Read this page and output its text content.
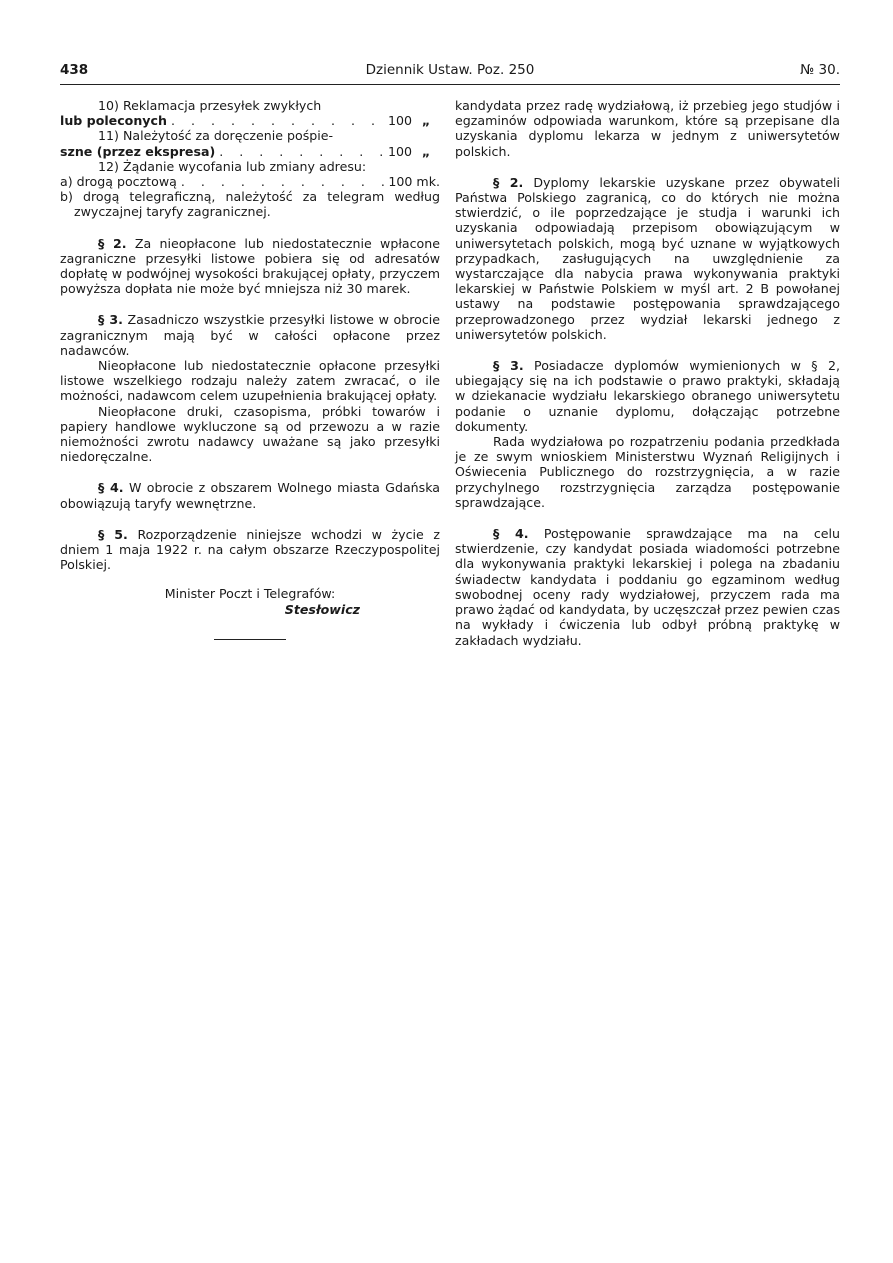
438	Dziennik Ustaw. Poz. 250	№ 30.

10) Reklamacja przesyłek zwykłych

lub poleconych . . .	100 „

11) Należytość za doręczenie pośpie-

szne (przez ekspresa) . . .	100 „

12) Żądanie wycofania lub zmiany adresu:

a) drogą pocztową . . .	100 mk.

b) drogą telegraficzną, należytość za telegram według zwyczajnej taryfy zagranicznej.

§ 2. Za nieopłacone lub niedostatecznie wpłacone zagraniczne przesyłki listowe pobiera się od adresatów dopłatę w podwójnej wysokości brakującej opłaty, przyczem powyższa dopłata nie może być mniejsza niż 30 marek.

§ 3. Zasadniczo wszystkie przesyłki listowe w obrocie zagranicznym mają być w całości opłacone przez nadawców.

Nieopłacone lub niedostatecznie opłacone przesyłki listowe wszelkiego rodzaju należy zatem zwracać, o ile możności, nadawcom celem uzupełnienia brakującej opłaty.

Nieopłacone druki, czasopisma, próbki towarów i papiery handlowe wykluczone są od przewozu a w razie niemożności zwrotu nadawcy uważane są jako przesyłki niedoręczalne.

§ 4. W obrocie z obszarem Wolnego miasta Gdańska obowiązują taryfy wewnętrzne.

§ 5. Rozporządzenie niniejsze wchodzi w życie z dniem 1 maja 1922 r. na całym obszarze Rzeczypospolitej Polskiej.

Minister Poczt i Telegrafów:

Stesłowicz

kandydata przez radę wydziałową, iż przebieg jego studjów i egzaminów odpowiada warunkom, które są przepisane dla uzyskania dyplomu lekarza w jednym z uniwersytetów polskich.

§ 2. Dyplomy lekarskie uzyskane przez obywateli Państwa Polskiego zagranicą, co do których nie można stwierdzić, o ile poprzedzające je studja i warunki ich uzyskania odpowiadają przepisom obowiązującym w uniwersytetach polskich, mogą być uznane w wyjątkowych przypadkach, zasługujących na uwzględnienie za wystarczające dla nabycia prawa wykonywania praktyki lekarskiej w Państwie Polskiem w myśl art. 2 B powołanej ustawy na podstawie postępowania sprawdzającego przeprowadzonego przez wydział lekarski jednego z uniwersytetów polskich.

§ 3. Posiadacze dyplomów wymienionych w § 2, ubiegający się na ich podstawie o prawo praktyki, składają w dziekanacie wydziału lekarskiego obranego uniwersytetu podanie o uznanie dyplomu, dołączając potrzebne dokumenty.

Rada wydziałowa po rozpatrzeniu podania przedkłada je ze swym wnioskiem Ministerstwu Wyznań Religijnych i Oświecenia Publicznego do rozstrzygnięcia, a w razie przychylnego rozstrzygnięcia zarządza postępowanie sprawdzające.

§ 4. Postępowanie sprawdzające ma na celu stwierdzenie, czy kandydat posiada wiadomości potrzebne dla wykonywania praktyki lekarskiej i polega na zbadaniu świadectw kandydata i poddaniu go egzaminom według swobodnej oceny rady wydziałowej, przyczem rada ma prawo żądać od kandydata, by uczęszczał przez pewien czas na wykłady i ćwiczenia lub odbył próbną praktykę w zakładach wydziału.
